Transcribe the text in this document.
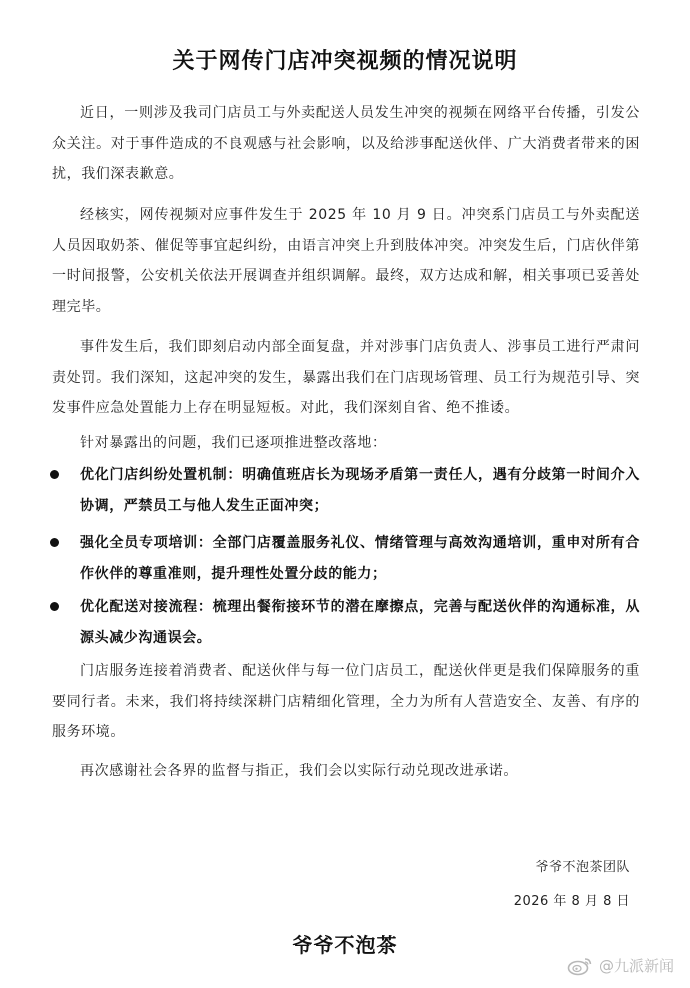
关于网传门店冲突视频的情况说明

近日，一则涉及我司门店员工与外卖配送人员发生冲突的视频在网络平台传播，引发公众关注。对于事件造成的不良观感与社会影响，以及给涉事配送伙伴、广大消费者带来的困扰，我们深表歉意。

经核实，网传视频对应事件发生于 2025 年 10 月 9 日。冲突系门店员工与外卖配送人员因取奶茶、催促等事宜起纠纷，由语言冲突上升到肢体冲突。冲突发生后，门店伙伴第一时间报警，公安机关依法开展调查并组织调解。最终，双方达成和解，相关事项已妥善处理完毕。

事件发生后，我们即刻启动内部全面复盘，并对涉事门店负责人、涉事员工进行严肃问责处罚。我们深知，这起冲突的发生，暴露出我们在门店现场管理、员工行为规范引导、突发事件应急处置能力上存在明显短板。对此，我们深刻自省、绝不推诿。

针对暴露出的问题，我们已逐项推进整改落地：

优化门店纠纷处置机制：明确值班店长为现场矛盾第一责任人，遇有分歧第一时间介入协调，严禁员工与他人发生正面冲突；

强化全员专项培训：全部门店覆盖服务礼仪、情绪管理与高效沟通培训，重申对所有合作伙伴的尊重准则，提升理性处置分歧的能力；

优化配送对接流程：梳理出餐衔接环节的潜在摩擦点，完善与配送伙伴的沟通标准，从源头减少沟通误会。

门店服务连接着消费者、配送伙伴与每一位门店员工，配送伙伴更是我们保障服务的重要同行者。未来，我们将持续深耕门店精细化管理，全力为所有人营造安全、友善、有序的服务环境。

再次感谢社会各界的监督与指正，我们会以实际行动兑现改进承诺。

爷爷不泡茶团队
2026 年 8 月 8 日
爷爷不泡茶
@九派新闻
